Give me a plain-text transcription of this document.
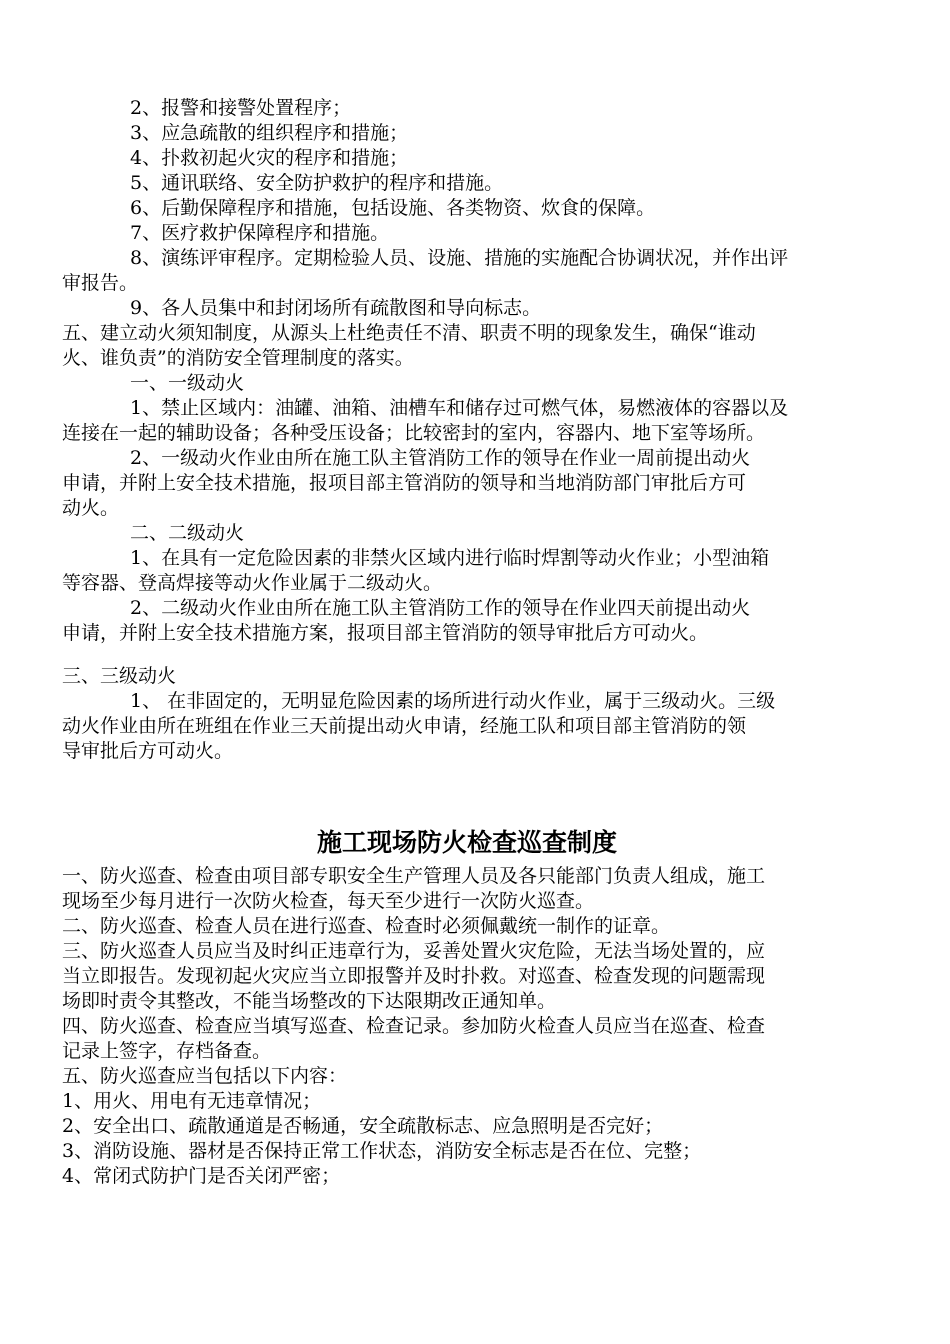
2、报警和接警处置程序；
3、应急疏散的组织程序和措施；
4、扑救初起火灾的程序和措施；
5、通讯联络、安全防护救护的程序和措施。
6、后勤保障程序和措施，包括设施、各类物资、炊食的保障。
7、医疗救护保障程序和措施。
8、演练评审程序。定期检验人员、设施、措施的实施配合协调状况，并作出评
审报告。
9、各人员集中和封闭场所有疏散图和导向标志。
五、建立动火须知制度，从源头上杜绝责任不清、职责不明的现象发生，确保“谁动
火、谁负责”的消防安全管理制度的落实。
一、一级动火
1、禁止区域内：油罐、油箱、油槽车和储存过可燃气体，易燃液体的容器以及
连接在一起的辅助设备；各种受压设备；比较密封的室内，容器内、地下室等场所。
2、一级动火作业由所在施工队主管消防工作的领导在作业一周前提出动火
申请，并附上安全技术措施，报项目部主管消防的领导和当地消防部门审批后方可
动火。
二、二级动火
1、在具有一定危险因素的非禁火区域内进行临时焊割等动火作业；小型油箱
等容器、登高焊接等动火作业属于二级动火。
2、二级动火作业由所在施工队主管消防工作的领导在作业四天前提出动火
申请，并附上安全技术措施方案，报项目部主管消防的领导审批后方可动火。
三、三级动火
1、 在非固定的，无明显危险因素的场所进行动火作业，属于三级动火。三级
动火作业由所在班组在作业三天前提出动火申请，经施工队和项目部主管消防的领
导审批后方可动火。
施工现场防火检查巡查制度
一、防火巡查、检查由项目部专职安全生产管理人员及各只能部门负责人组成，施工
现场至少每月进行一次防火检查，每天至少进行一次防火巡查。
二、防火巡查、检查人员在进行巡查、检查时必须佩戴统一制作的证章。
三、防火巡查人员应当及时纠正违章行为，妥善处置火灾危险，无法当场处置的，应
当立即报告。发现初起火灾应当立即报警并及时扑救。对巡查、检查发现的问题需现
场即时责令其整改，不能当场整改的下达限期改正通知单。
四、防火巡查、检查应当填写巡查、检查记录。参加防火检查人员应当在巡查、检查
记录上签字，存档备查。
五、防火巡查应当包括以下内容：
1、用火、用电有无违章情况；
2、安全出口、疏散通道是否畅通，安全疏散标志、应急照明是否完好；
3、消防设施、器材是否保持正常工作状态，消防安全标志是否在位、完整；
4、常闭式防护门是否关闭严密；
